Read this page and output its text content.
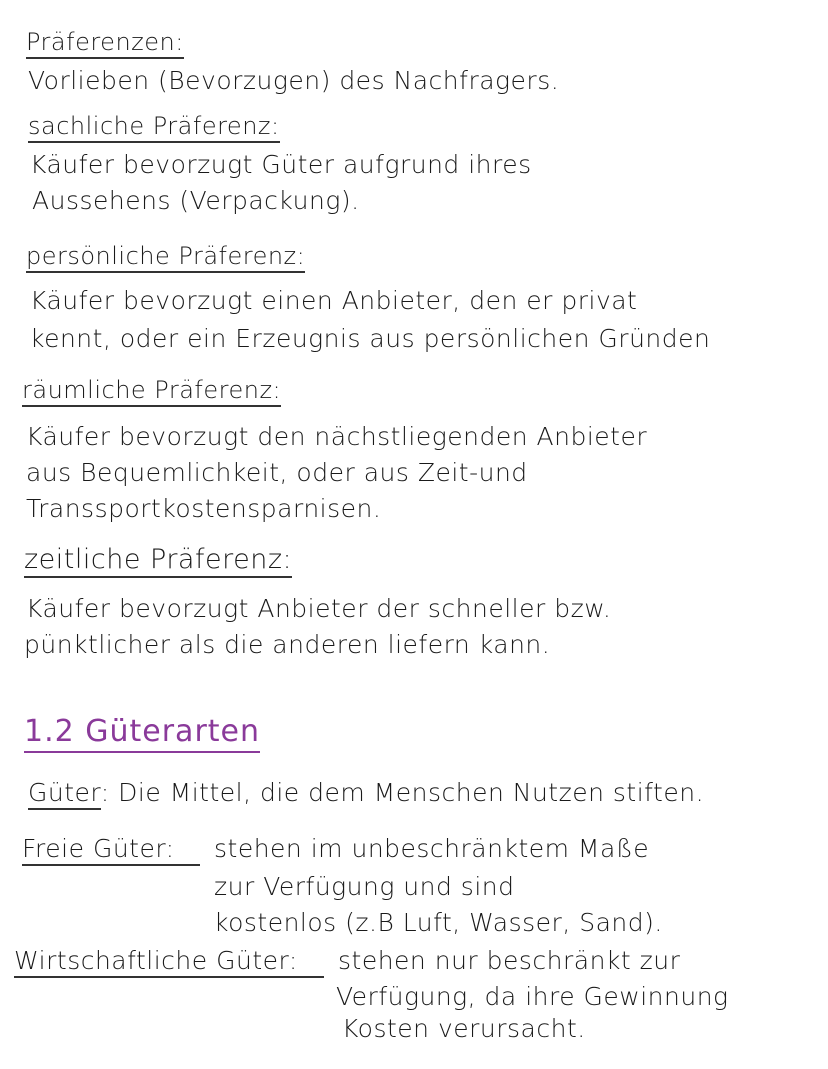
Präferenzen:
Vorlieben (Bevorzugen) des Nachfragers.
sachliche Präferenz:
Käufer bevorzugt Güter aufgrund ihres
Aussehens (Verpackung).
persönliche Präferenz:
Käufer bevorzugt einen Anbieter, den er privat
kennt, oder ein Erzeugnis aus persönlichen Gründen
räumliche Präferenz:
Käufer bevorzugt den nächstliegenden Anbieter
aus Bequemlichkeit, oder aus Zeit-und
Transsportkostensparnisen.
zeitliche Präferenz:
Käufer bevorzugt Anbieter der schneller bzw.
pünktlicher als die anderen liefern kann.
1.2 Güterarten
Güter: Die Mittel, die dem Menschen Nutzen stiften.
Freie Güter:	stehen im unbeschränktem Maße
zur Verfügung und sind
kostenlos (z.B Luft, Wasser, Sand).
Wirtschaftliche Güter:	stehen nur beschränkt zur
Verfügung, da ihre Gewinnung
Kosten verursacht.
